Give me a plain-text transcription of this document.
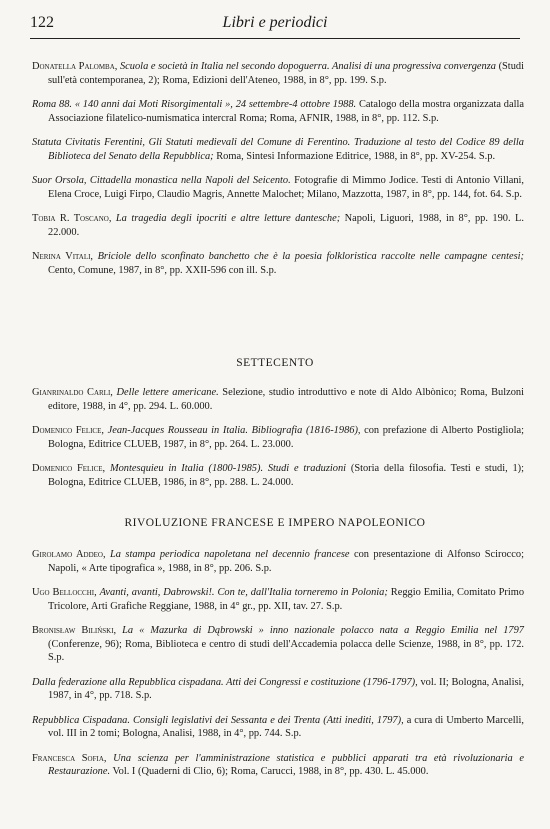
122	Libri e periodici

Donatella Palomba, Scuola e società in Italia nel secondo dopoguerra. Analisi di una progressiva convergenza (Studi sull'età contemporanea, 2); Roma, Edizioni dell'Ateneo, 1988, in 8°, pp. 199. S.p.

Roma 88. « 140 anni dai Moti Risorgimentali », 24 settembre-4 ottobre 1988. Catalogo della mostra organizzata dalla Associazione filatelico-numismatica intercral Roma; Roma, AFNIR, 1988, in 8°, pp. 112. S.p.

Statuta Civitatis Ferentini, Gli Statuti medievali del Comune di Ferentino. Traduzione al testo del Codice 89 della Biblioteca del Senato della Repubblica; Roma, Sintesi Informazione Editrice, 1988, in 8°, pp. XV-254. S.p.

Suor Orsola, Cittadella monastica nella Napoli del Seicento. Fotografie di Mimmo Jodice. Testi di Antonio Villani, Elena Croce, Luigi Firpo, Claudio Magris, Annette Malochet; Milano, Mazzotta, 1987, in 8°, pp. 144, fot. 64. S.p.

Tobia R. Toscano, La tragedia degli ipocriti e altre letture dantesche; Napoli, Liguori, 1988, in 8°, pp. 190. L. 22.000.

Nerina Vitali, Briciole dello sconfinato banchetto che è la poesia folkloristica raccolte nelle campagne centesi; Cento, Comune, 1987, in 8°, pp. XXII-596 con ill. S.p.

SETTECENTO

Gianrinaldo Carli, Delle lettere americane. Selezione, studio introduttivo e note di Aldo Albònico; Roma, Bulzoni editore, 1988, in 4°, pp. 294. L. 60.000.

Domenico Felice, Jean-Jacques Rousseau in Italia. Bibliografia (1816-1986), con prefazione di Alberto Postigliola; Bologna, Editrice CLUEB, 1987, in 8°, pp. 264. L. 23.000.

Domenico Felice, Montesquieu in Italia (1800-1985). Studi e traduzioni (Storia della filosofia. Testi e studi, 1); Bologna, Editrice CLUEB, 1986, in 8°, pp. 288. L. 24.000.

RIVOLUZIONE FRANCESE E IMPERO NAPOLEONICO

Girolamo Addeo, La stampa periodica napoletana nel decennio francese con presentazione di Alfonso Scirocco; Napoli, « Arte tipografica », 1988, in 8°, pp. 206. S.p.

Ugo Bellocchi, Avanti, avanti, Dabrowski!. Con te, dall'Italia torneremo in Polonia; Reggio Emilia, Comitato Primo Tricolore, Arti Grafiche Reggiane, 1988, in 4° gr., pp. XII, tav. 27. S.p.

Bronisław Biliński, La « Mazurka di Dąbrowski » inno nazionale polacco nata a Reggio Emilia nel 1797 (Conferenze, 96); Roma, Biblioteca e centro di studi dell'Accademia polacca delle Scienze, 1988, in 8°, pp. 172. S.p.

Dalla federazione alla Repubblica cispadana. Atti dei Congressi e costituzione (1796-1797), vol. II; Bologna, Analisi, 1987, in 4°, pp. 718. S.p.

Repubblica Cispadana. Consigli legislativi dei Sessanta e dei Trenta (Atti inediti, 1797), a cura di Umberto Marcelli, vol. III in 2 tomi; Bologna, Analisi, 1988, in 4°, pp. 744. S.p.

Francesca Sofia, Una scienza per l'amministrazione statistica e pubblici apparati tra età rivoluzionaria e Restaurazione. Vol. I (Quaderni di Clio, 6); Roma, Carucci, 1988, in 8°, pp. 430. L. 45.000.
